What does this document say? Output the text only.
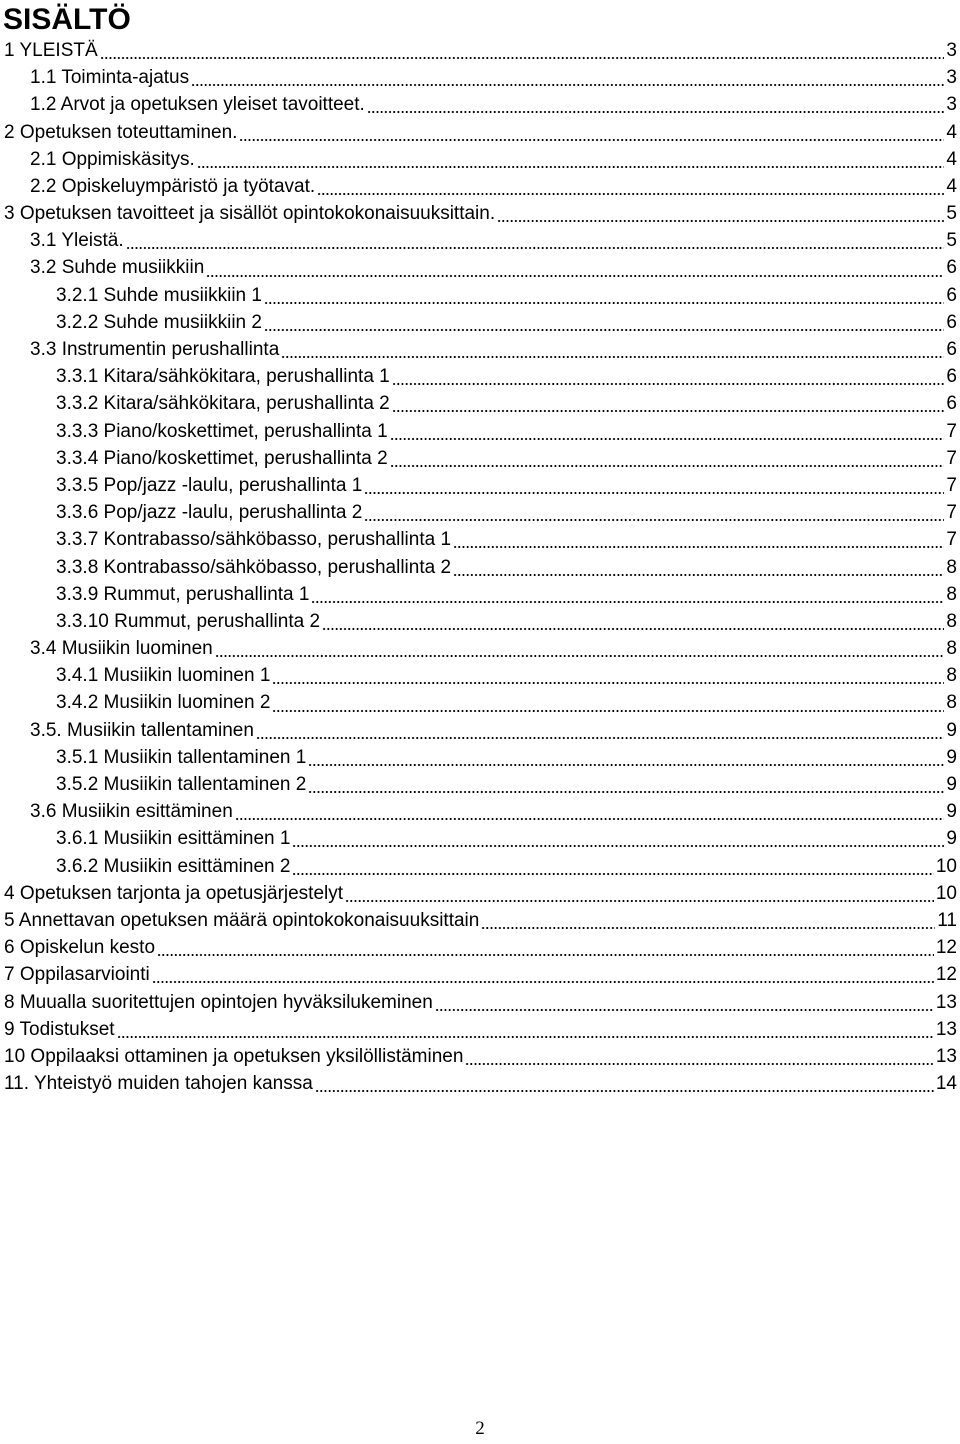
SISÄLTÖ
1 YLEISTÄ	3
1.1 Toiminta-ajatus	3
1.2 Arvot ja opetuksen yleiset tavoitteet.	3
2 Opetuksen toteuttaminen.	4
2.1 Oppimiskäsitys.	4
2.2 Opiskeluympäristö ja työtavat.	4
3 Opetuksen tavoitteet ja sisällöt opintokokonaisuuksittain.	5
3.1 Yleistä.	5
3.2 Suhde musiikkiin	6
3.2.1 Suhde musiikkiin 1	6
3.2.2 Suhde musiikkiin 2	6
3.3 Instrumentin perushallinta	6
3.3.1 Kitara/sähkökitara, perushallinta 1	6
3.3.2 Kitara/sähkökitara, perushallinta 2	6
3.3.3 Piano/koskettimet, perushallinta 1	7
3.3.4 Piano/koskettimet, perushallinta 2	7
3.3.5 Pop/jazz -laulu, perushallinta 1	7
3.3.6 Pop/jazz -laulu, perushallinta 2	7
3.3.7 Kontrabasso/sähköbasso, perushallinta 1	7
3.3.8 Kontrabasso/sähköbasso, perushallinta 2	8
3.3.9 Rummut, perushallinta 1	8
3.3.10 Rummut, perushallinta 2	8
3.4 Musiikin luominen	8
3.4.1 Musiikin luominen 1	8
3.4.2 Musiikin luominen 2	8
3.5. Musiikin tallentaminen	9
3.5.1 Musiikin tallentaminen 1	9
3.5.2 Musiikin tallentaminen 2	9
3.6 Musiikin esittäminen	9
3.6.1 Musiikin esittäminen 1	9
3.6.2 Musiikin esittäminen 2	10
4 Opetuksen tarjonta ja opetusjärjestelyt	10
5 Annettavan opetuksen määrä opintokokonaisuuksittain	11
6 Opiskelun kesto	12
7 Oppilasarviointi	12
8 Muualla suoritettujen opintojen hyväksilukeminen	13
9 Todistukset	13
10 Oppilaaksi ottaminen ja opetuksen yksilöllistäminen	13
11. Yhteistyö muiden tahojen kanssa	14
2
